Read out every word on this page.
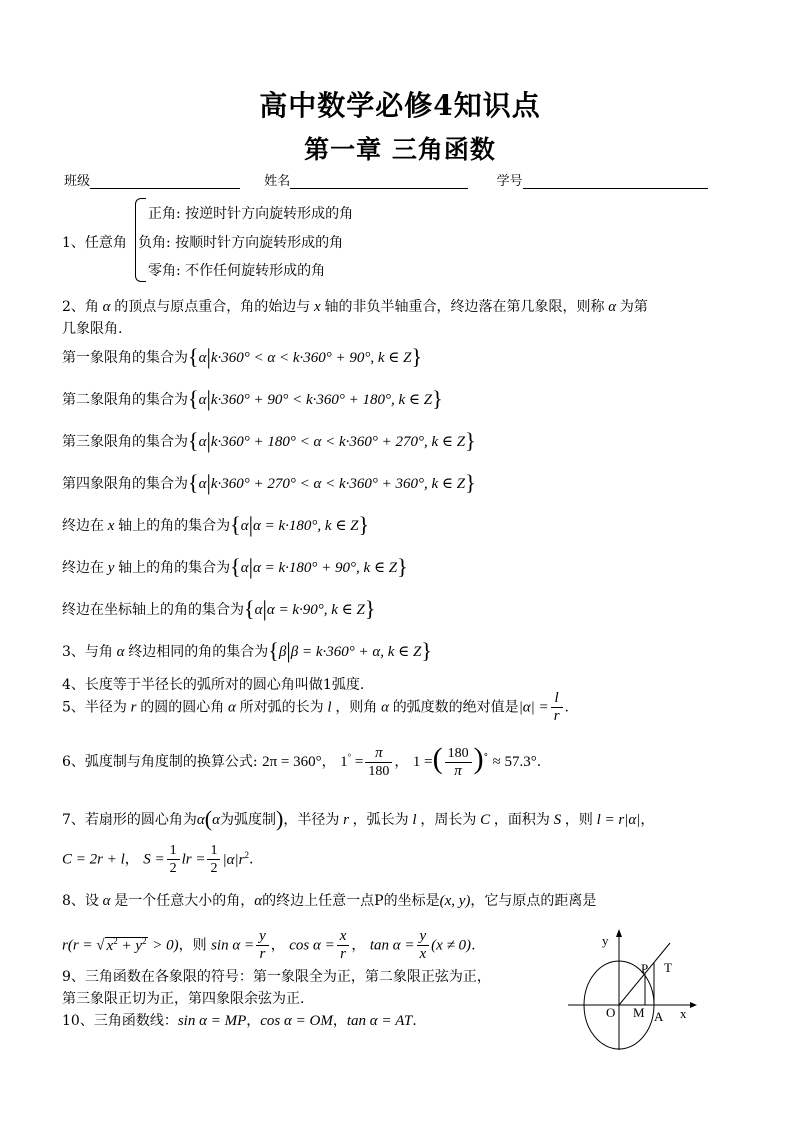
高中数学必修4知识点
第一章 三角函数
班级	姓名	学号
正角: 按逆时针方向旋转形成的角
1、任意角 负角: 按顺时针方向旋转形成的角
零角: 不作任何旋转形成的角
2、角 α 的顶点与原点重合，角的始边与 x 轴的非负半轴重合，终边落在第几象限，则称 α 为第
几象限角.
第一象限角的集合为{α|k·360° < α < k·360° + 90°, k ∈ Z}
第二象限角的集合为{α|k·360° + 90° < k·360° + 180°, k ∈ Z}
第三象限角的集合为{α|k·360° + 180° < α < k·360° + 270°, k ∈ Z}
第四象限角的集合为{α|k·360° + 270° < α < k·360° + 360°, k ∈ Z}
终边在 x 轴上的角的集合为{α|α = k·180°, k ∈ Z}
终边在 y 轴上的角的集合为{α|α = k·180° + 90°, k ∈ Z}
终边在坐标轴上的角的集合为{α|α = k·90°, k ∈ Z}
3、与角 α 终边相同的角的集合为{β|β = k·360° + α, k ∈ Z}
4、长度等于半径长的弧所对的圆心角叫做1弧度.
5、半径为 r 的圆的圆心角 α 所对弧的长为 l ，则角 α 的弧度数的绝对值是$|\alpha| = \frac{l}{r}$ .
6、弧度制与角度制的换算公式: 2π = 360°， $1^\circ = \frac{\pi}{180}$ ， 1 =( $\frac{180}{\pi} )^\circ \approx 57.3^\circ$.
7、若扇形的圆心角为α(α为弧度制)，半径为 r ，弧长为 l ，周长为 C ，面积为 S ，则 l = r|α|，
C = 2r + l， $S = \frac{1}{2}$ lr = $\frac{1}{2} |\alpha|r^2$.
8、设 α 是一个任意大小的角，α的终边上任意一点P的坐标是(x, y)，它与原点的距离是
r(r = √ $x^2 + y^2 > 0$)，则 $\sin \alpha = \frac{y}{r}$ ， $\cos \alpha = \frac{x}{r}$ ， $\tan \alpha = \frac{y}{x} (x \ne 0)$.
9、三角函数在各象限的符号：第一象限全为正，第二象限正弦为正，
第三象限正切为正，第四象限余弦为正.
10、三角函数线：sin α = MP，cos α = OM，tan α = AT.
y
x
O M A
P T
